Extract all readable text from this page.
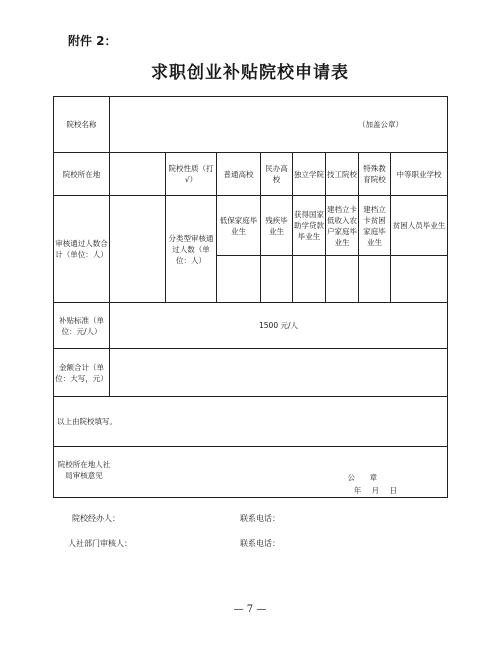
附件 2：
求职创业补贴院校申请表
院校名称	（加盖公章）							
院校所在地		院校性质（打√）	普通高校	民办高校	独立学院	技工院校	特殊教育院校	中等职业学校
审核通过人数合计（单位：人）		分类型审核通过人数（单位：人）	低保家庭毕业生	残疾毕业生	获得国家助学贷款毕业生	建档立卡低收入农户家庭毕业生	建档立卡贫困家庭毕业生	贫困人员毕业生

补贴标准（单位：元/人）	1500 元/人							
金额合计（单位：大写，元）								
以上由院校填写。								

院校所在地人社局审核意见 公 章
年 月 日								
院校经办人：	联系电话：
人社部门审核人：	联系电话：
— 7 —
